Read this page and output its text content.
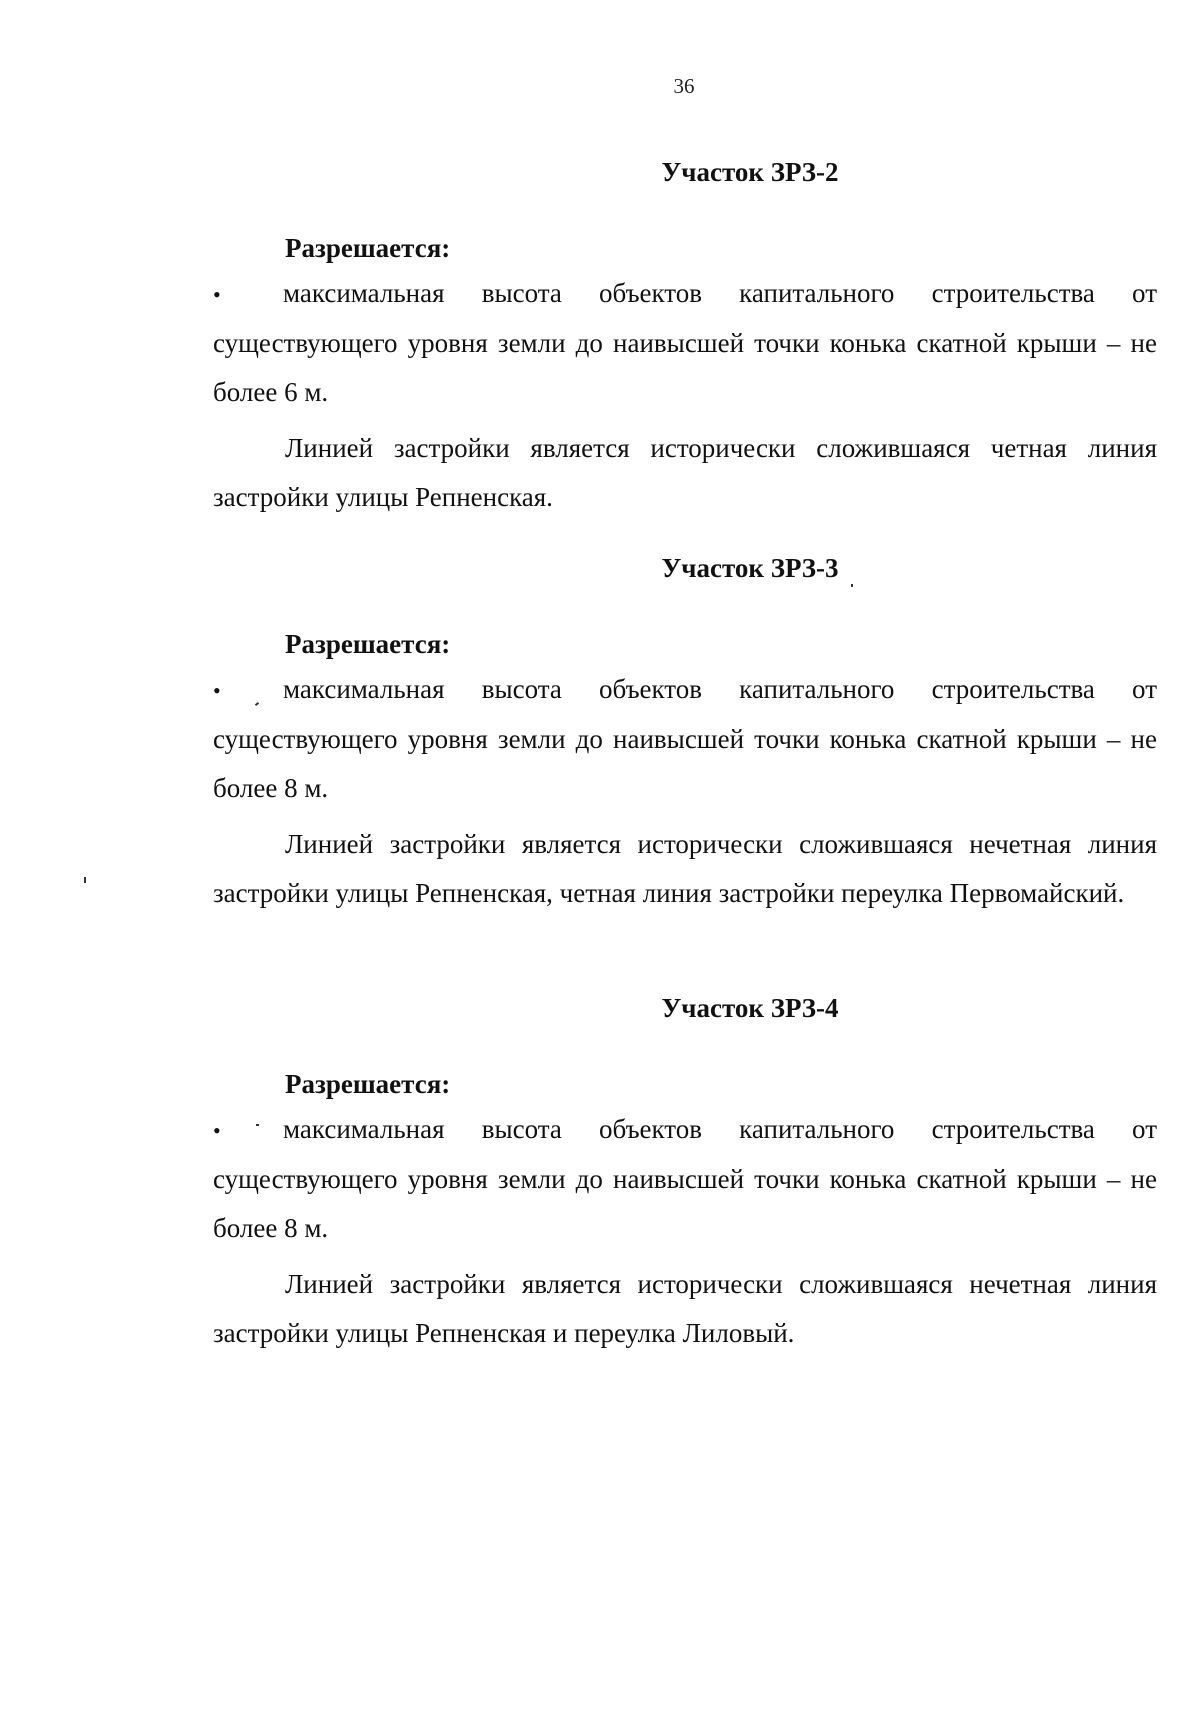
36
Участок ЗРЗ-2
Разрешается:
• максимальная высота объектов капитального строительства от существующего уровня земли до наивысшей точки конька скатной крыши – не более 6 м.
Линией застройки является исторически сложившаяся четная линия застройки улицы Репненская.
Участок ЗРЗ-3
Разрешается:
• максимальная высота объектов капитального строительства от существующего уровня земли до наивысшей точки конька скатной крыши – не более 8 м.
Линией застройки является исторически сложившаяся нечетная линия застройки улицы Репненская, четная линия застройки переулка Первомайский.
Участок ЗРЗ-4
Разрешается:
• максимальная высота объектов капитального строительства от существующего уровня земли до наивысшей точки конька скатной крыши – не более 8 м.
Линией застройки является исторически сложившаяся нечетная линия застройки улицы Репненская и переулка Лиловый.
